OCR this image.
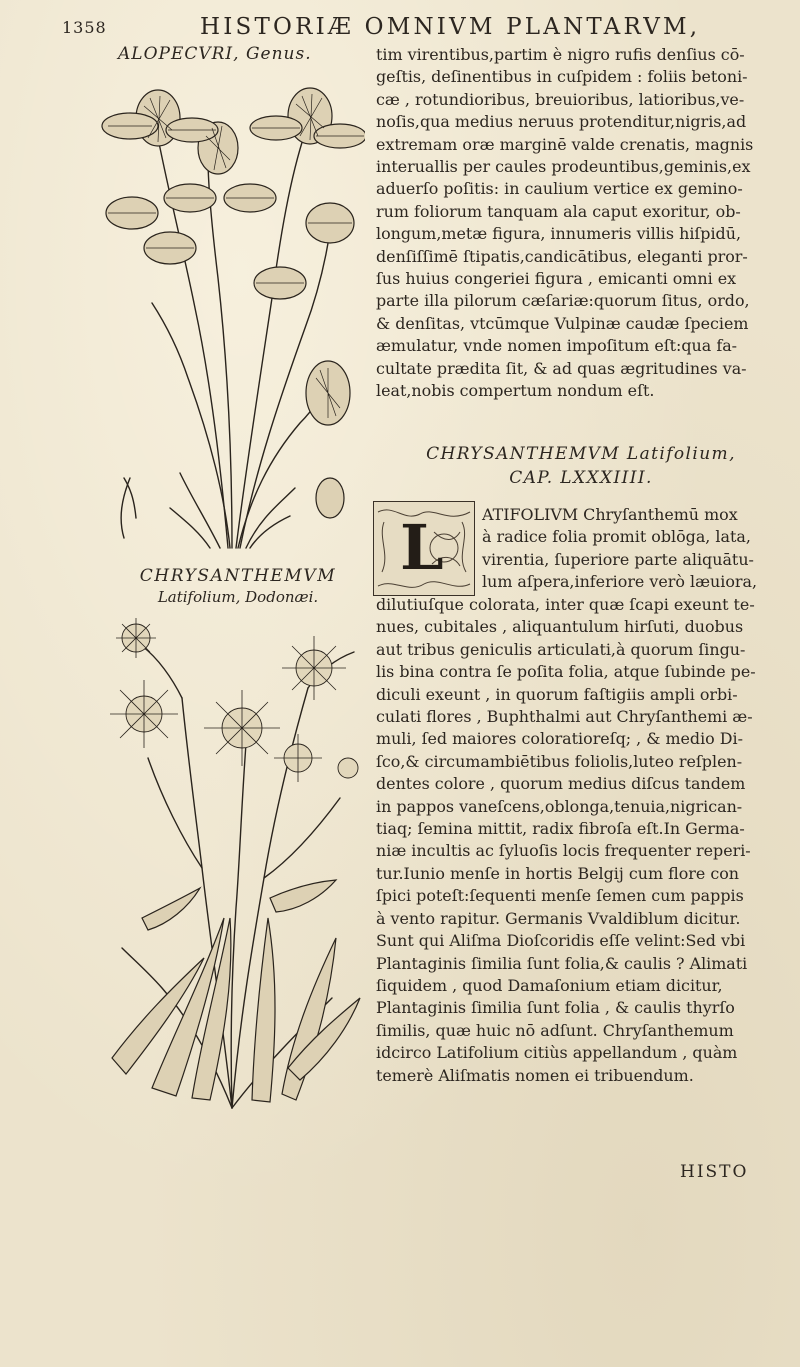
1358	HISTORIÆ OMNIVM PLANTARVM,
ALOPECVRI, Genus.
CHRYSANTHEMVM
Latifolium, Dodonæi.
tim virentibus,partim è nigro rufis denſius cō-
geſtis, deſinentibus in cuſpidem : foliis betoni-
cæ , rotundioribus, breuioribus, latioribus,ve-
noſis,qua medius neruus protenditur,nigris,ad
extremam oræ marginē valde crenatis, magnis
interuallis per caules prodeuntibus,geminis,ex
aduerſo poſitis: in caulium vertice ex gemino-
rum foliorum tanquam ala caput exoritur, ob-
longum,metæ figura, innumeris villis hiſpidū,
denſiſſimē ſtipatis,candicātibus, eleganti pror-
ſus huius congeriei figura , emicanti omni ex
parte illa pilorum cæſariæ:quorum ſitus, ordo,
& denſitas, vtcūmque Vulpinæ caudæ ſpeciem
æmulatur, vnde nomen impoſitum eſt:qua fa-
cultate prædita ſit, & ad quas ægritudines va-
leat,nobis compertum nondum eſt.
CHRYSANTHEMVM Latifolium,
CAP. LXXXIIII.
L ATIFOLIVM Chryſanthemū mox
à radice folia promit oblōga, lata,
virentia, ſuperiore parte aliquātu-
lum aſpera,inferiore verò læuiora,
dilutiuſque colorata, inter quæ ſcapi exeunt te-
nues, cubitales , aliquantulum hirſuti, duobus
aut tribus geniculis articulati,à quorum ſingu-
lis bina contra ſe poſita folia, atque ſubinde pe-
diculi exeunt , in quorum faſtigiis ampli orbi-
culati flores , Buphthalmi aut Chryſanthemi æ-
muli, ſed maiores coloratioreſq; , & medio Di-
ſco,& circumambiētibus foliolis,luteo reſplen-
dentes colore , quorum medius diſcus tandem
in pappos vaneſcens,oblonga,tenuia,nigrican-
tiaq; ſemina mittit, radix fibroſa eſt.In Germa-
niæ incultis ac ſyluoſis locis frequenter reperi-
tur.Iunio menſe in hortis Belgij cum flore con
ſpici poteſt:ſequenti menſe ſemen cum pappis
à vento rapitur. Germanis Vvaldiblum dicitur.
Sunt qui Aliſma Dioſcoridis eſſe velint:Sed vbi
Plantaginis ſimilia ſunt folia,& caulis ? Alimati
ſiquidem , quod Damaſonium etiam dicitur,
Plantaginis ſimilia ſunt folia , & caulis thyrſo
ſimilis, quæ huic nō adſunt. Chryſanthemum
idcirco Latifolium citiùs appellandum , quàm
temerè Aliſmatis nomen ei tribuendum.
HISTO
